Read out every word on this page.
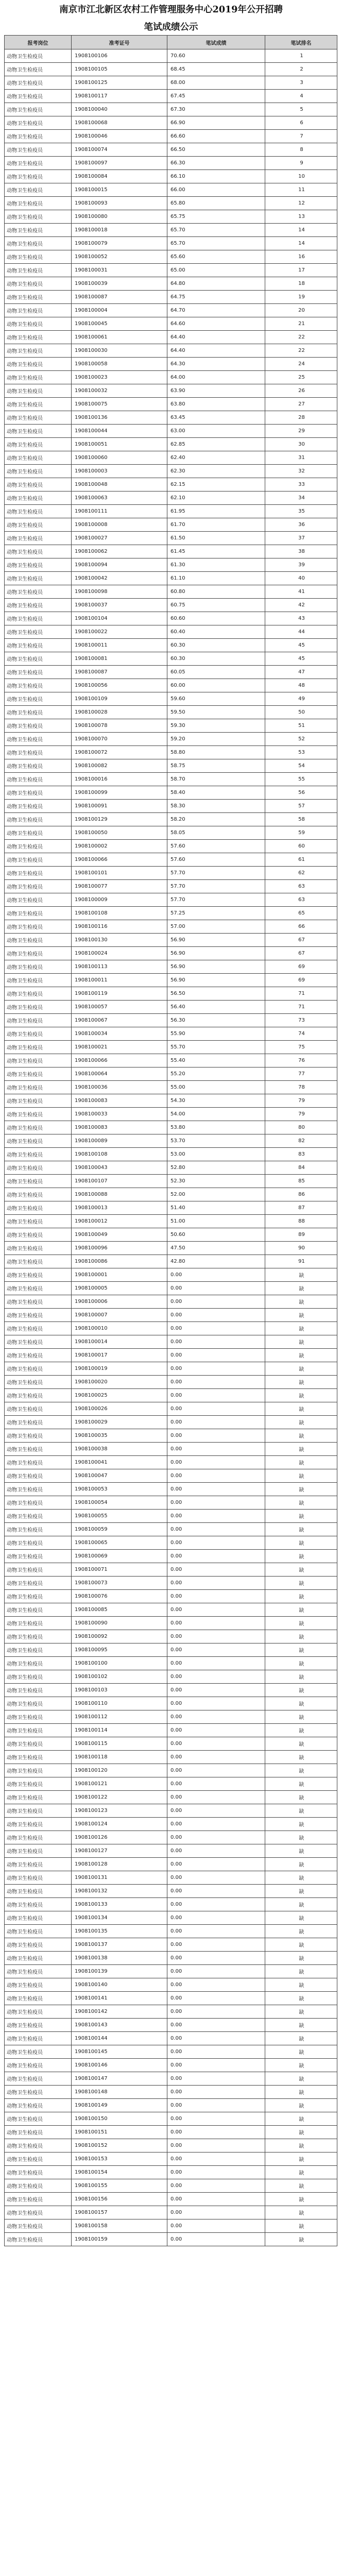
南京市江北新区农村工作管理服务中心2019年公开招聘
笔试成绩公示
报考岗位	准考证号	笔试成绩	笔试排名
动物卫生检疫员	1908100106	70.60	1
动物卫生检疫员	1908100105	68.45	2
动物卫生检疫员	1908100125	68.00	3
动物卫生检疫员	1908100117	67.45	4
动物卫生检疫员	1908100040	67.30	5
动物卫生检疫员	1908100068	66.90	6
动物卫生检疫员	1908100046	66.60	7
动物卫生检疫员	1908100074	66.50	8
动物卫生检疫员	1908100097	66.30	9
动物卫生检疫员	1908100084	66.10	10
动物卫生检疫员	1908100015	66.00	11
动物卫生检疫员	1908100093	65.80	12
动物卫生检疫员	1908100080	65.75	13
动物卫生检疫员	1908100018	65.70	14
动物卫生检疫员	1908100079	65.70	14
动物卫生检疫员	1908100052	65.60	16
动物卫生检疫员	1908100031	65.00	17
动物卫生检疫员	1908100039	64.80	18
动物卫生检疫员	1908100087	64.75	19
动物卫生检疫员	1908100004	64.70	20
动物卫生检疫员	1908100045	64.60	21
动物卫生检疫员	1908100061	64.40	22
动物卫生检疫员	1908100030	64.40	22
动物卫生检疫员	1908100058	64.30	24
动物卫生检疫员	1908100023	64.00	25
动物卫生检疫员	1908100032	63.90	26
动物卫生检疫员	1908100075	63.80	27
动物卫生检疫员	1908100136	63.45	28
动物卫生检疫员	1908100044	63.00	29
动物卫生检疫员	1908100051	62.85	30
动物卫生检疫员	1908100060	62.40	31
动物卫生检疫员	1908100003	62.30	32
动物卫生检疫员	1908100048	62.15	33
动物卫生检疫员	1908100063	62.10	34
动物卫生检疫员	1908100111	61.95	35
动物卫生检疫员	1908100008	61.70	36
动物卫生检疫员	1908100027	61.50	37
动物卫生检疫员	1908100062	61.45	38
动物卫生检疫员	1908100094	61.30	39
动物卫生检疫员	1908100042	61.10	40
动物卫生检疫员	1908100098	60.80	41
动物卫生检疫员	1908100037	60.75	42
动物卫生检疫员	1908100104	60.60	43
动物卫生检疫员	1908100022	60.40	44
动物卫生检疫员	1908100011	60.30	45
动物卫生检疫员	1908100081	60.30	45
动物卫生检疫员	1908100087	60.05	47
动物卫生检疫员	1908100056	60.00	48
动物卫生检疫员	1908100109	59.60	49
动物卫生检疫员	1908100028	59.50	50
动物卫生检疫员	1908100078	59.30	51
动物卫生检疫员	1908100070	59.20	52
动物卫生检疫员	1908100072	58.80	53
动物卫生检疫员	1908100082	58.75	54
动物卫生检疫员	1908100016	58.70	55
动物卫生检疫员	1908100099	58.40	56
动物卫生检疫员	1908100091	58.30	57
动物卫生检疫员	1908100129	58.20	58
动物卫生检疫员	1908100050	58.05	59
动物卫生检疫员	1908100002	57.60	60
动物卫生检疫员	1908100066	57.60	61
动物卫生检疫员	1908100101	57.70	62
动物卫生检疫员	1908100077	57.70	63
动物卫生检疫员	1908100009	57.70	63
动物卫生检疫员	1908100108	57.25	65
动物卫生检疫员	1908100116	57.00	66
动物卫生检疫员	1908100130	56.90	67
动物卫生检疫员	1908100024	56.90	67
动物卫生检疫员	1908100113	56.90	69
动物卫生检疫员	1908100011	56.90	69
动物卫生检疫员	1908100119	56.50	71
动物卫生检疫员	1908100057	56.40	71
动物卫生检疫员	1908100067	56.30	73
动物卫生检疫员	1908100034	55.90	74
动物卫生检疫员	1908100021	55.70	75
动物卫生检疫员	1908100066	55.40	76
动物卫生检疫员	1908100064	55.20	77
动物卫生检疫员	1908100036	55.00	78
动物卫生检疫员	1908100083	54.30	79
动物卫生检疫员	1908100033	54.00	79
动物卫生检疫员	1908100083	53.80	80
动物卫生检疫员	1908100089	53.70	82
动物卫生检疫员	1908100108	53.00	83
动物卫生检疫员	1908100043	52.80	84
动物卫生检疫员	1908100107	52.30	85
动物卫生检疫员	1908100088	52.00	86
动物卫生检疫员	1908100013	51.40	87
动物卫生检疫员	1908100012	51.00	88
动物卫生检疫员	1908100049	50.60	89
动物卫生检疫员	1908100096	47.50	90
动物卫生检疫员	1908100086	42.80	91
动物卫生检疫员	1908100001	0.00	缺
动物卫生检疫员	1908100005	0.00	缺
动物卫生检疫员	1908100006	0.00	缺
动物卫生检疫员	1908100007	0.00	缺
动物卫生检疫员	1908100010	0.00	缺
动物卫生检疫员	1908100014	0.00	缺
动物卫生检疫员	1908100017	0.00	缺
动物卫生检疫员	1908100019	0.00	缺
动物卫生检疫员	1908100020	0.00	缺
动物卫生检疫员	1908100025	0.00	缺
动物卫生检疫员	1908100026	0.00	缺
动物卫生检疫员	1908100029	0.00	缺
动物卫生检疫员	1908100035	0.00	缺
动物卫生检疫员	1908100038	0.00	缺
动物卫生检疫员	1908100041	0.00	缺
动物卫生检疫员	1908100047	0.00	缺
动物卫生检疫员	1908100053	0.00	缺
动物卫生检疫员	1908100054	0.00	缺
动物卫生检疫员	1908100055	0.00	缺
动物卫生检疫员	1908100059	0.00	缺
动物卫生检疫员	1908100065	0.00	缺
动物卫生检疫员	1908100069	0.00	缺
动物卫生检疫员	1908100071	0.00	缺
动物卫生检疫员	1908100073	0.00	缺
动物卫生检疫员	1908100076	0.00	缺
动物卫生检疫员	1908100085	0.00	缺
动物卫生检疫员	1908100090	0.00	缺
动物卫生检疫员	1908100092	0.00	缺
动物卫生检疫员	1908100095	0.00	缺
动物卫生检疫员	1908100100	0.00	缺
动物卫生检疫员	1908100102	0.00	缺
动物卫生检疫员	1908100103	0.00	缺
动物卫生检疫员	1908100110	0.00	缺
动物卫生检疫员	1908100112	0.00	缺
动物卫生检疫员	1908100114	0.00	缺
动物卫生检疫员	1908100115	0.00	缺
动物卫生检疫员	1908100118	0.00	缺
动物卫生检疫员	1908100120	0.00	缺
动物卫生检疫员	1908100121	0.00	缺
动物卫生检疫员	1908100122	0.00	缺
动物卫生检疫员	1908100123	0.00	缺
动物卫生检疫员	1908100124	0.00	缺
动物卫生检疫员	1908100126	0.00	缺
动物卫生检疫员	1908100127	0.00	缺
动物卫生检疫员	1908100128	0.00	缺
动物卫生检疫员	1908100131	0.00	缺
动物卫生检疫员	1908100132	0.00	缺
动物卫生检疫员	1908100133	0.00	缺
动物卫生检疫员	1908100134	0.00	缺
动物卫生检疫员	1908100135	0.00	缺
动物卫生检疫员	1908100137	0.00	缺
动物卫生检疫员	1908100138	0.00	缺
动物卫生检疫员	1908100139	0.00	缺
动物卫生检疫员	1908100140	0.00	缺
动物卫生检疫员	1908100141	0.00	缺
动物卫生检疫员	1908100142	0.00	缺
动物卫生检疫员	1908100143	0.00	缺
动物卫生检疫员	1908100144	0.00	缺
动物卫生检疫员	1908100145	0.00	缺
动物卫生检疫员	1908100146	0.00	缺
动物卫生检疫员	1908100147	0.00	缺
动物卫生检疫员	1908100148	0.00	缺
动物卫生检疫员	1908100149	0.00	缺
动物卫生检疫员	1908100150	0.00	缺
动物卫生检疫员	1908100151	0.00	缺
动物卫生检疫员	1908100152	0.00	缺
动物卫生检疫员	1908100153	0.00	缺
动物卫生检疫员	1908100154	0.00	缺
动物卫生检疫员	1908100155	0.00	缺
动物卫生检疫员	1908100156	0.00	缺
动物卫生检疫员	1908100157	0.00	缺
动物卫生检疫员	1908100158	0.00	缺
动物卫生检疫员	1908100159	0.00	缺
